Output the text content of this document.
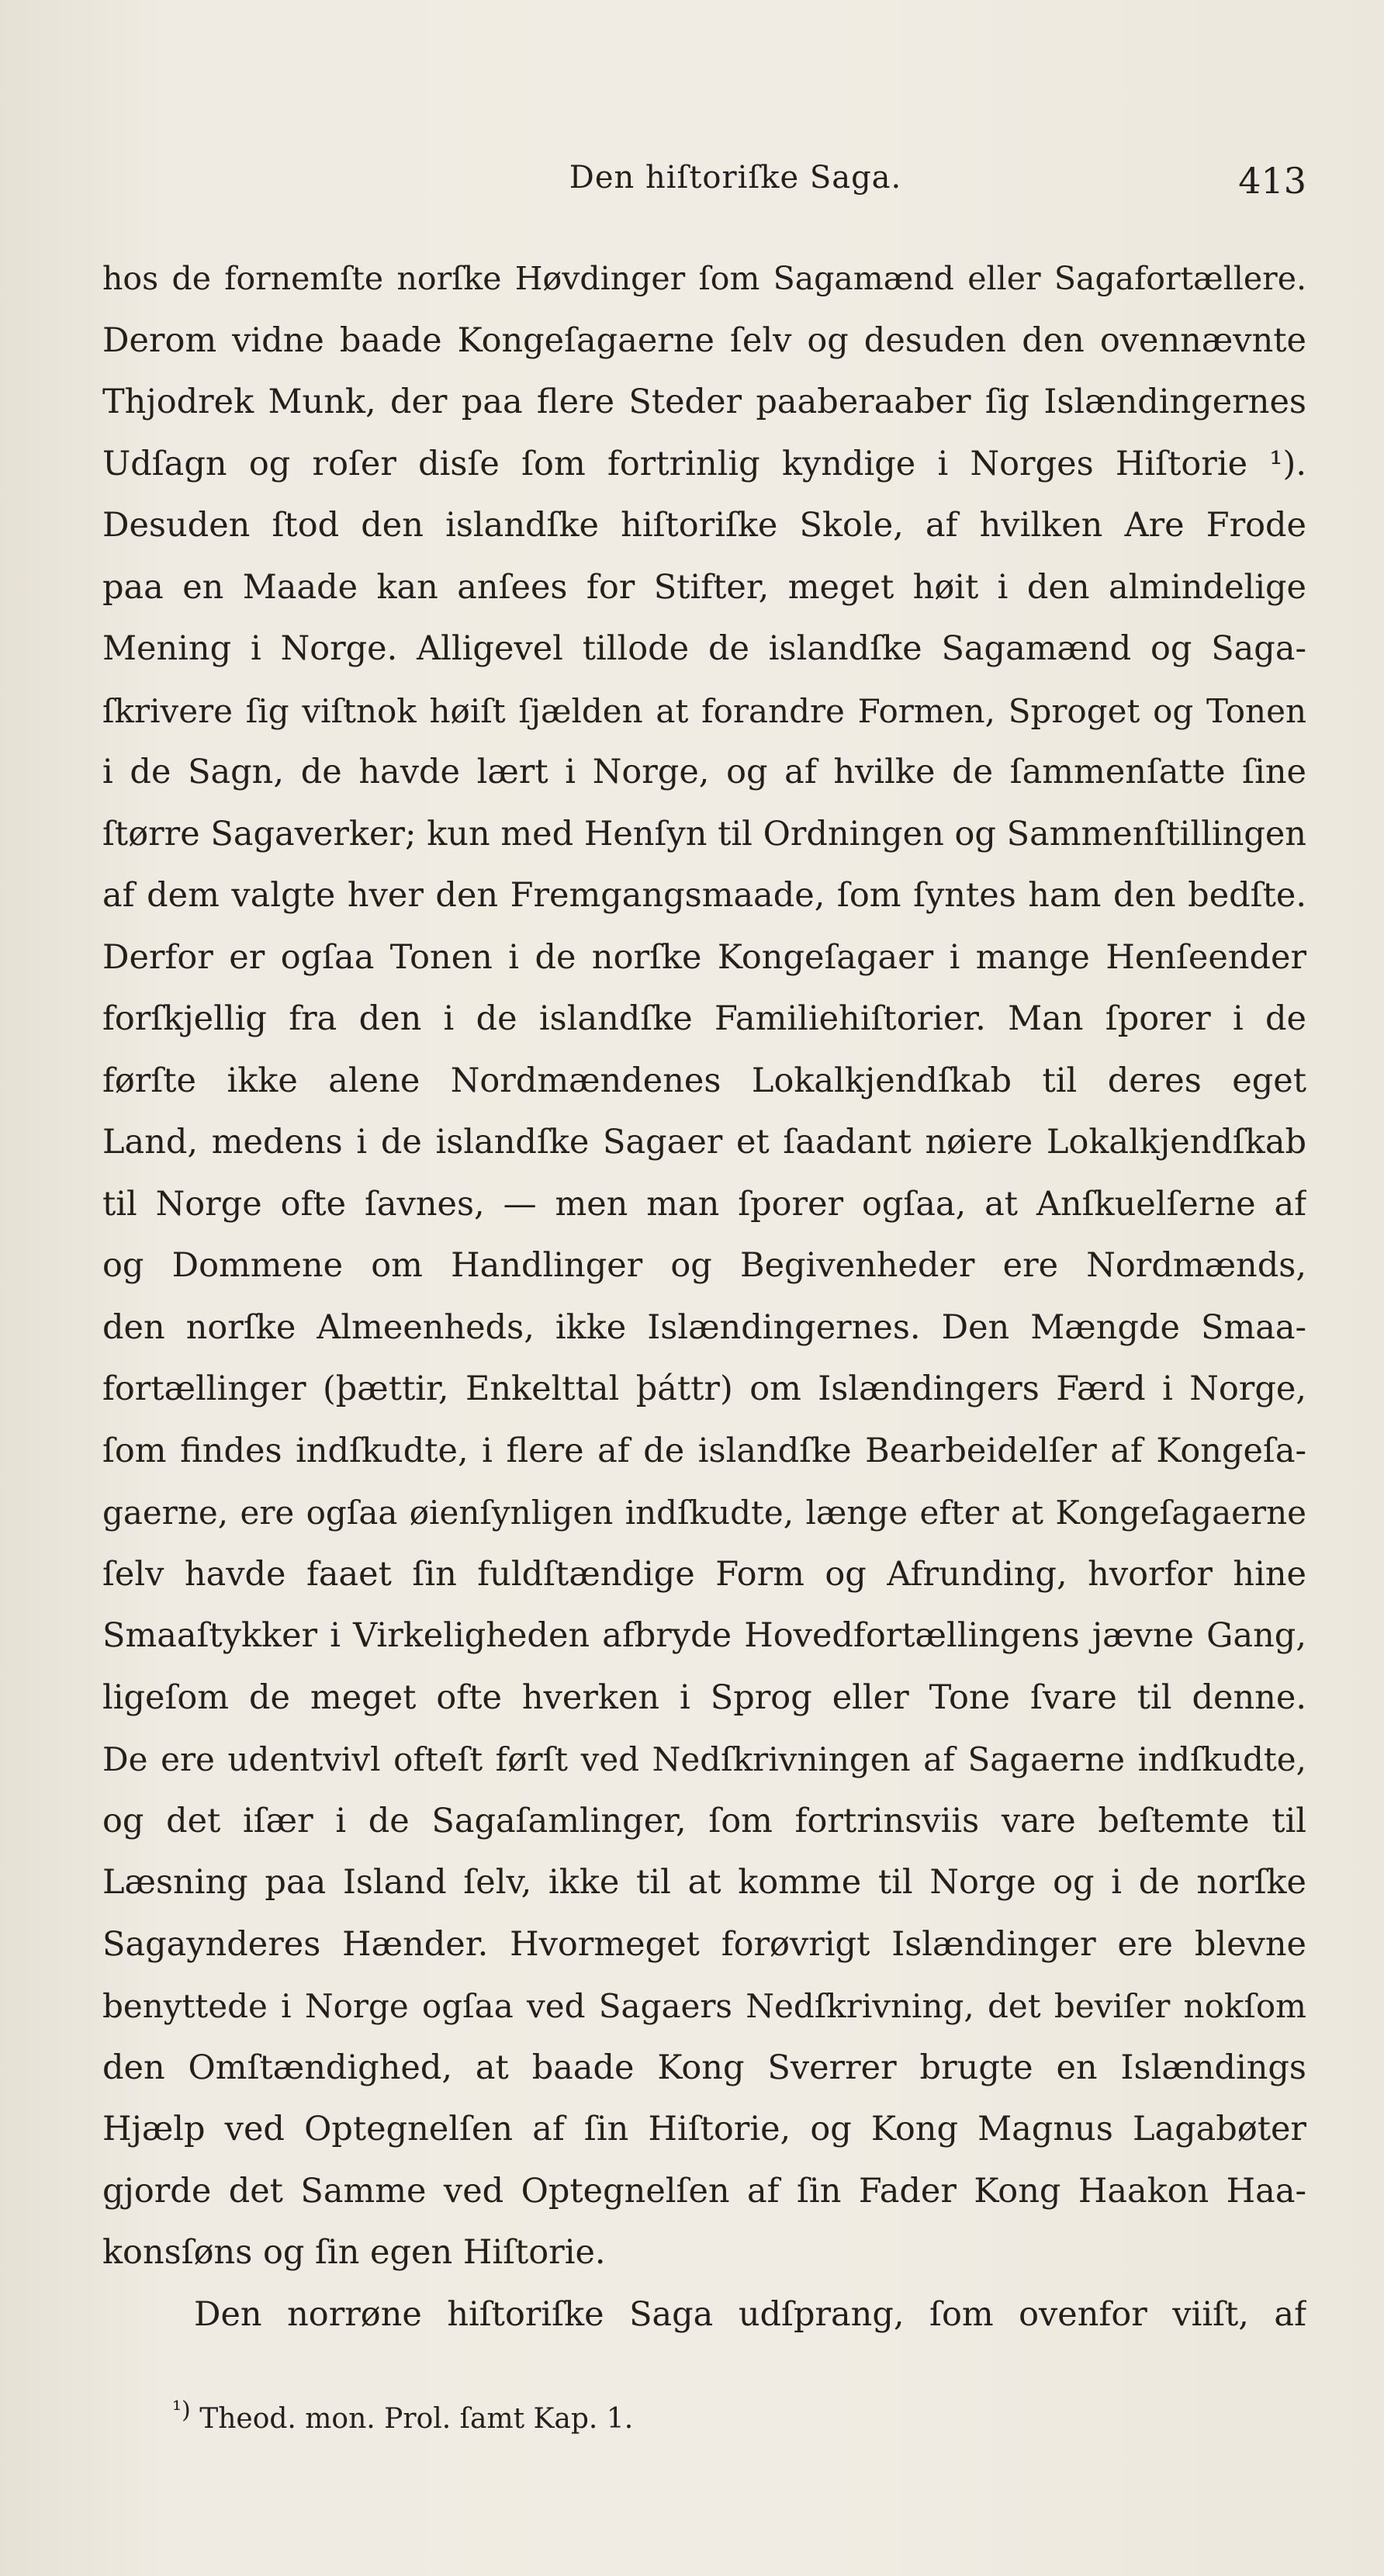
Den hiſtoriſke Saga.	413
hos de fornemſte norſke Høvdinger ſom Sagamænd eller Sagafortællere.
Derom vidne baade Kongeſagaerne ſelv og desuden den ovennævnte
Thjodrek Munk, der paa flere Steder paaberaaber ſig Islændingernes
Udſagn og roſer disſe ſom fortrinlig kyndige i Norges Hiſtorie ¹).
Desuden ſtod den islandſke hiſtoriſke Skole, af hvilken Are Frode
paa en Maade kan anſees for Stifter, meget høit i den almindelige
Mening i Norge. Alligevel tillode de islandſke Sagamænd og Saga-
ſkrivere ſig viſtnok høiſt ſjælden at forandre Formen, Sproget og Tonen
i de Sagn, de havde lært i Norge, og af hvilke de ſammenſatte ſine
ſtørre Sagaverker; kun med Henſyn til Ordningen og Sammenſtillingen
af dem valgte hver den Fremgangsmaade, ſom ſyntes ham den bedſte.
Derfor er ogſaa Tonen i de norſke Kongeſagaer i mange Henſeender
forſkjellig fra den i de islandſke Familiehiſtorier. Man ſporer i de
førſte ikke alene Nordmændenes Lokalkjendſkab til deres eget
Land, medens i de islandſke Sagaer et ſaadant nøiere Lokalkjendſkab
til Norge ofte ſavnes, — men man ſporer ogſaa, at Anſkuelſerne af
og Dommene om Handlinger og Begivenheder ere Nordmænds,
den norſke Almeenheds, ikke Islændingernes. Den Mængde Smaa-
fortællinger (þættir, Enkelttal þáttr) om Islændingers Færd i Norge,
ſom findes indſkudte, i flere af de islandſke Bearbeidelſer af Kongeſa-
gaerne, ere ogſaa øienſynligen indſkudte, længe efter at Kongeſagaerne
ſelv havde faaet ſin fuldſtændige Form og Afrunding, hvorfor hine
Smaaſtykker i Virkeligheden afbryde Hovedfortællingens jævne Gang,
ligeſom de meget ofte hverken i Sprog eller Tone ſvare til denne.
De ere udentvivl ofteſt førſt ved Nedſkrivningen af Sagaerne indſkudte,
og det iſær i de Sagaſamlinger, ſom fortrinsviis vare beſtemte til
Læsning paa Island ſelv, ikke til at komme til Norge og i de norſke
Sagaynderes Hænder. Hvormeget forøvrigt Islændinger ere blevne
benyttede i Norge ogſaa ved Sagaers Nedſkrivning, det beviſer nokſom
den Omſtændighed, at baade Kong Sverrer brugte en Islændings
Hjælp ved Optegnelſen af ſin Hiſtorie, og Kong Magnus Lagabøter
gjorde det Samme ved Optegnelſen af ſin Fader Kong Haakon Haa-
konsſøns og ſin egen Hiſtorie.
Den norrøne hiſtoriſke Saga udſprang, ſom ovenfor viiſt, af
$^{^1)}$ Theod. mon. Prol. ſamt Kap. 1.
